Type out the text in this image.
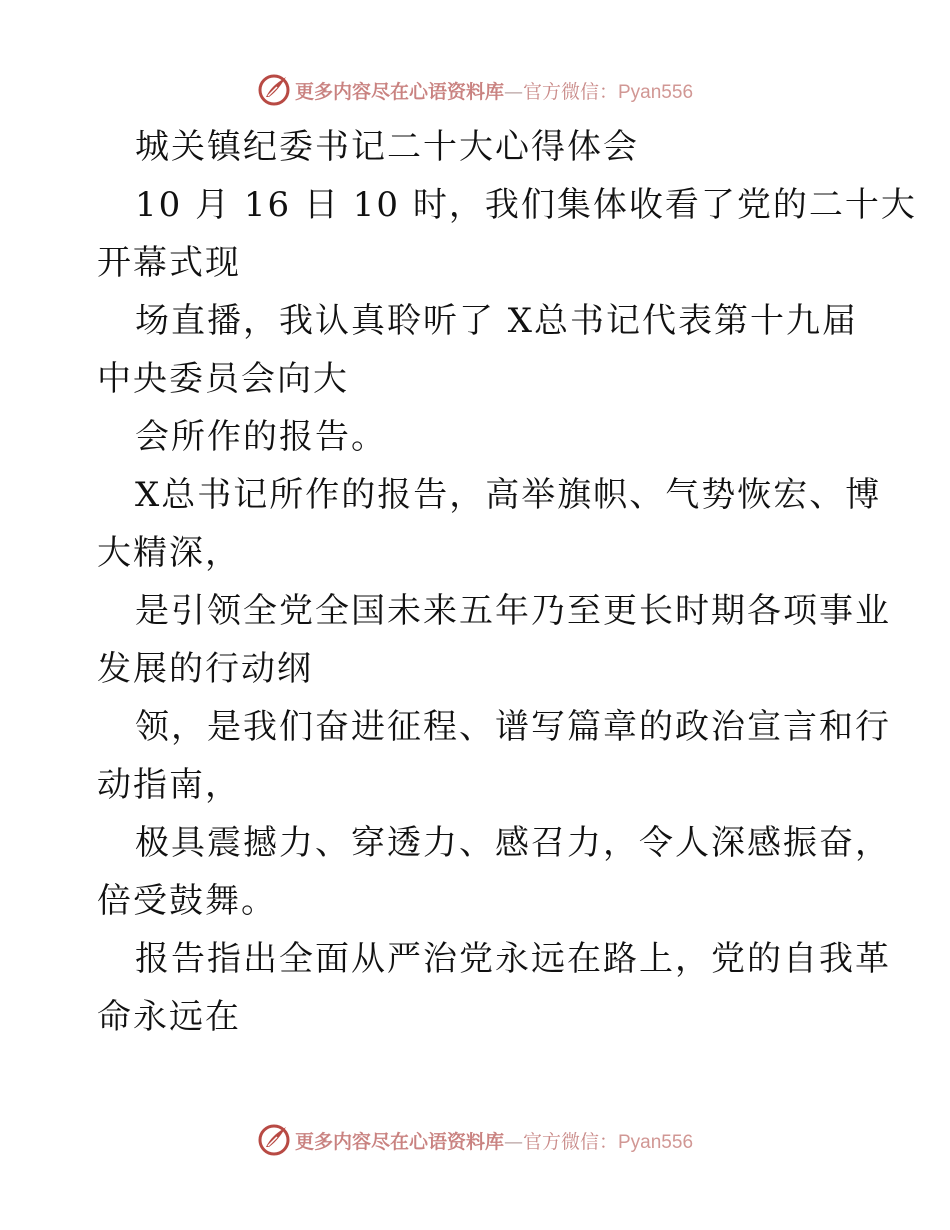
更多内容尽在心语资料库—官方微信：Pyan556
城关镇纪委书记二十大心得体会
10 月 16 日 10 时，我们集体收看了党的二十大
开幕式现
场直播，我认真聆听了 X总书记代表第十九届
中央委员会向大
会所作的报告。
X总书记所作的报告，高举旗帜、气势恢宏、博
大精深，
是引领全党全国未来五年乃至更长时期各项事业
发展的行动纲
领，是我们奋进征程、谱写篇章的政治宣言和行
动指南，
极具震撼力、穿透力、感召力，令人深感振奋，
倍受鼓舞。
报告指出全面从严治党永远在路上，党的自我革
命永远在
更多内容尽在心语资料库—官方微信：Pyan556
